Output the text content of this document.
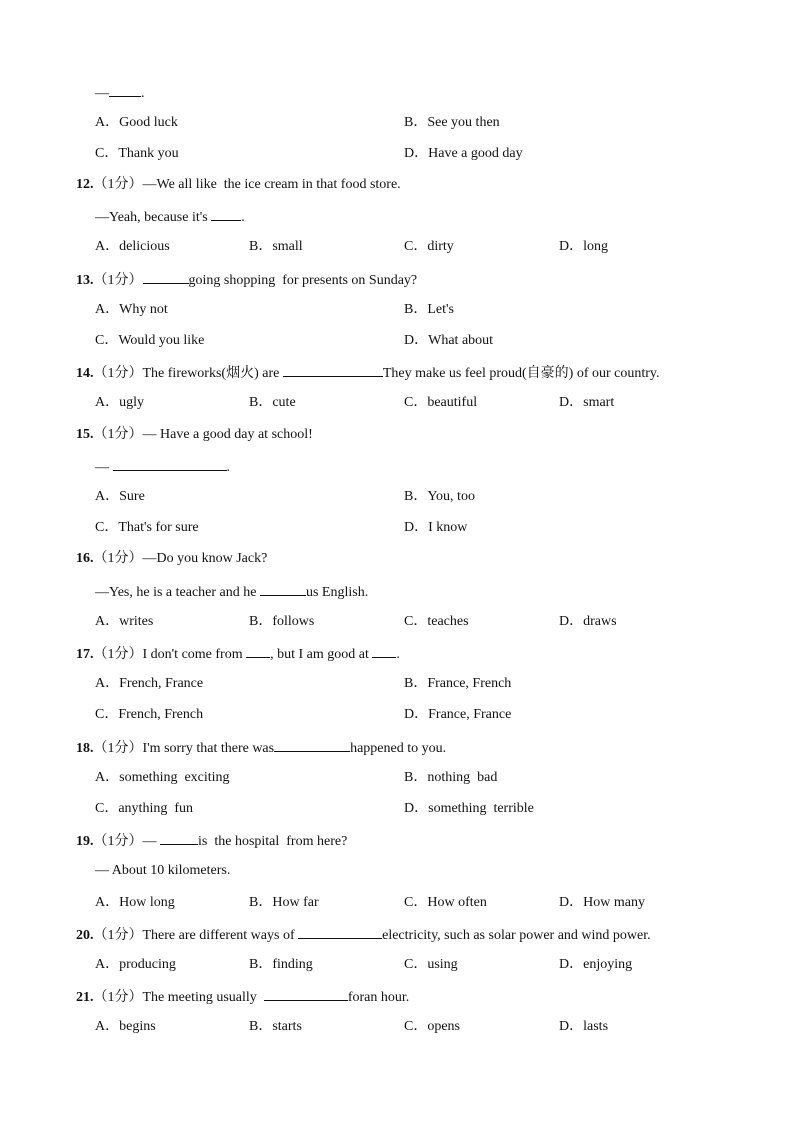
— .
A．Good luck	B．See you then
C．Thank you	D．Have a good day
12.（1分）—We all like  the ice cream in that food store.
—Yeah, because it's .
A．delicious	B．small	C．dirty	D．long
13.（1分）	going shopping  for presents on Sunday?
A．Why not	B．Let's
C．Would you like	D．What about
14.（1分）The fireworks(烟火) are	They make us feel proud(自豪的) of our country.
A．ugly	B．cute	C．beautiful	D．smart
15.（1分）— Have a good day at school!
—	.
A．Sure	B．You, too
C．That's for sure	D．I know
16.（1分）—Do you know Jack?
—Yes, he is a teacher and he	us English.
A．writes	B．follows	C．teaches	D．draws
17.（1分）I don't come from , but I am good at .
A．French, France	B．France, French
C．French, French	D．France, France
18.（1分）I'm sorry that there was	happened to you.
A．something  exciting	B．nothing  bad
C．anything  fun	D．something  terrible
19.（1分）—	is  the hospital  from here?
— About 10 kilometers.
A．How long	B．How far	C．How often	D．How many
20.（1分）There are different ways of	electricity, such as solar power and wind power.
A．producing	B．finding	C．using	D．enjoying
21.（1分）The meeting usually	foran hour.
A．begins	B．starts	C．opens	D．lasts
